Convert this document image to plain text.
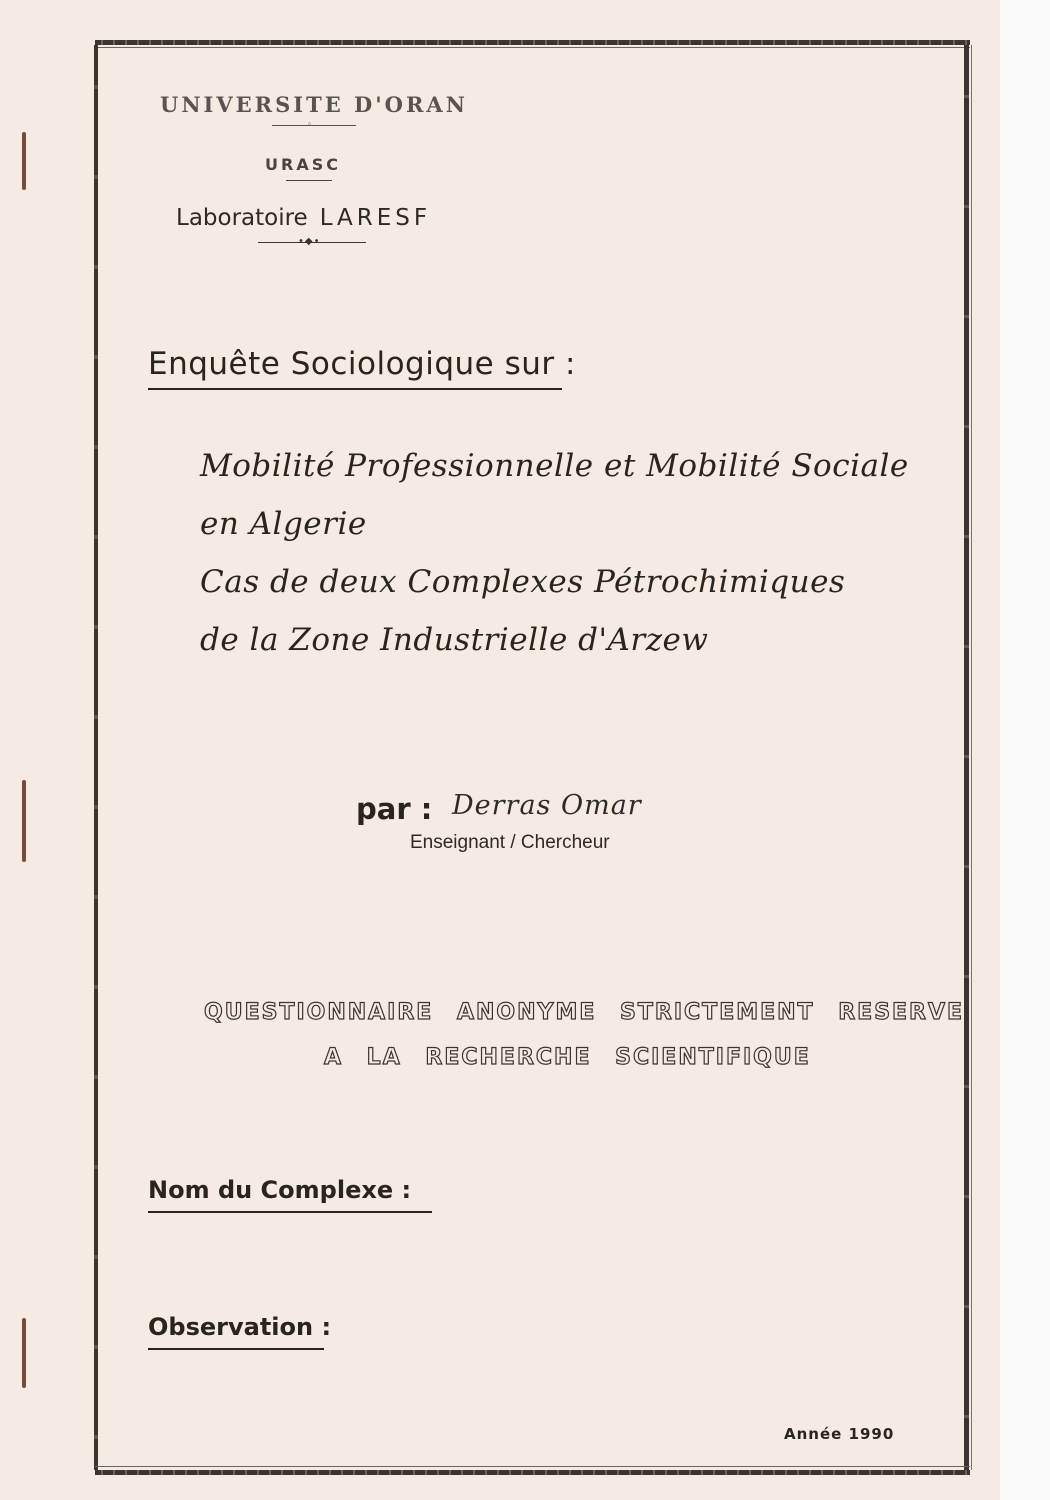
UNIVERSITE D'ORAN
◦
URASC
Laboratoire LARESF
•◆•
Enquête Sociologique sur :
Mobilité Professionnelle et Mobilité Sociale
en Algerie
Cas de deux Complexes Pétrochimiques
de la Zone Industrielle d'Arzew
par : Derras Omar
Enseignant / Chercheur
QUESTIONNAIRE ANONYME STRICTEMENT RESERVE
A LA RECHERCHE SCIENTIFIQUE
Nom du Complexe :
Observation :
Année 1990
